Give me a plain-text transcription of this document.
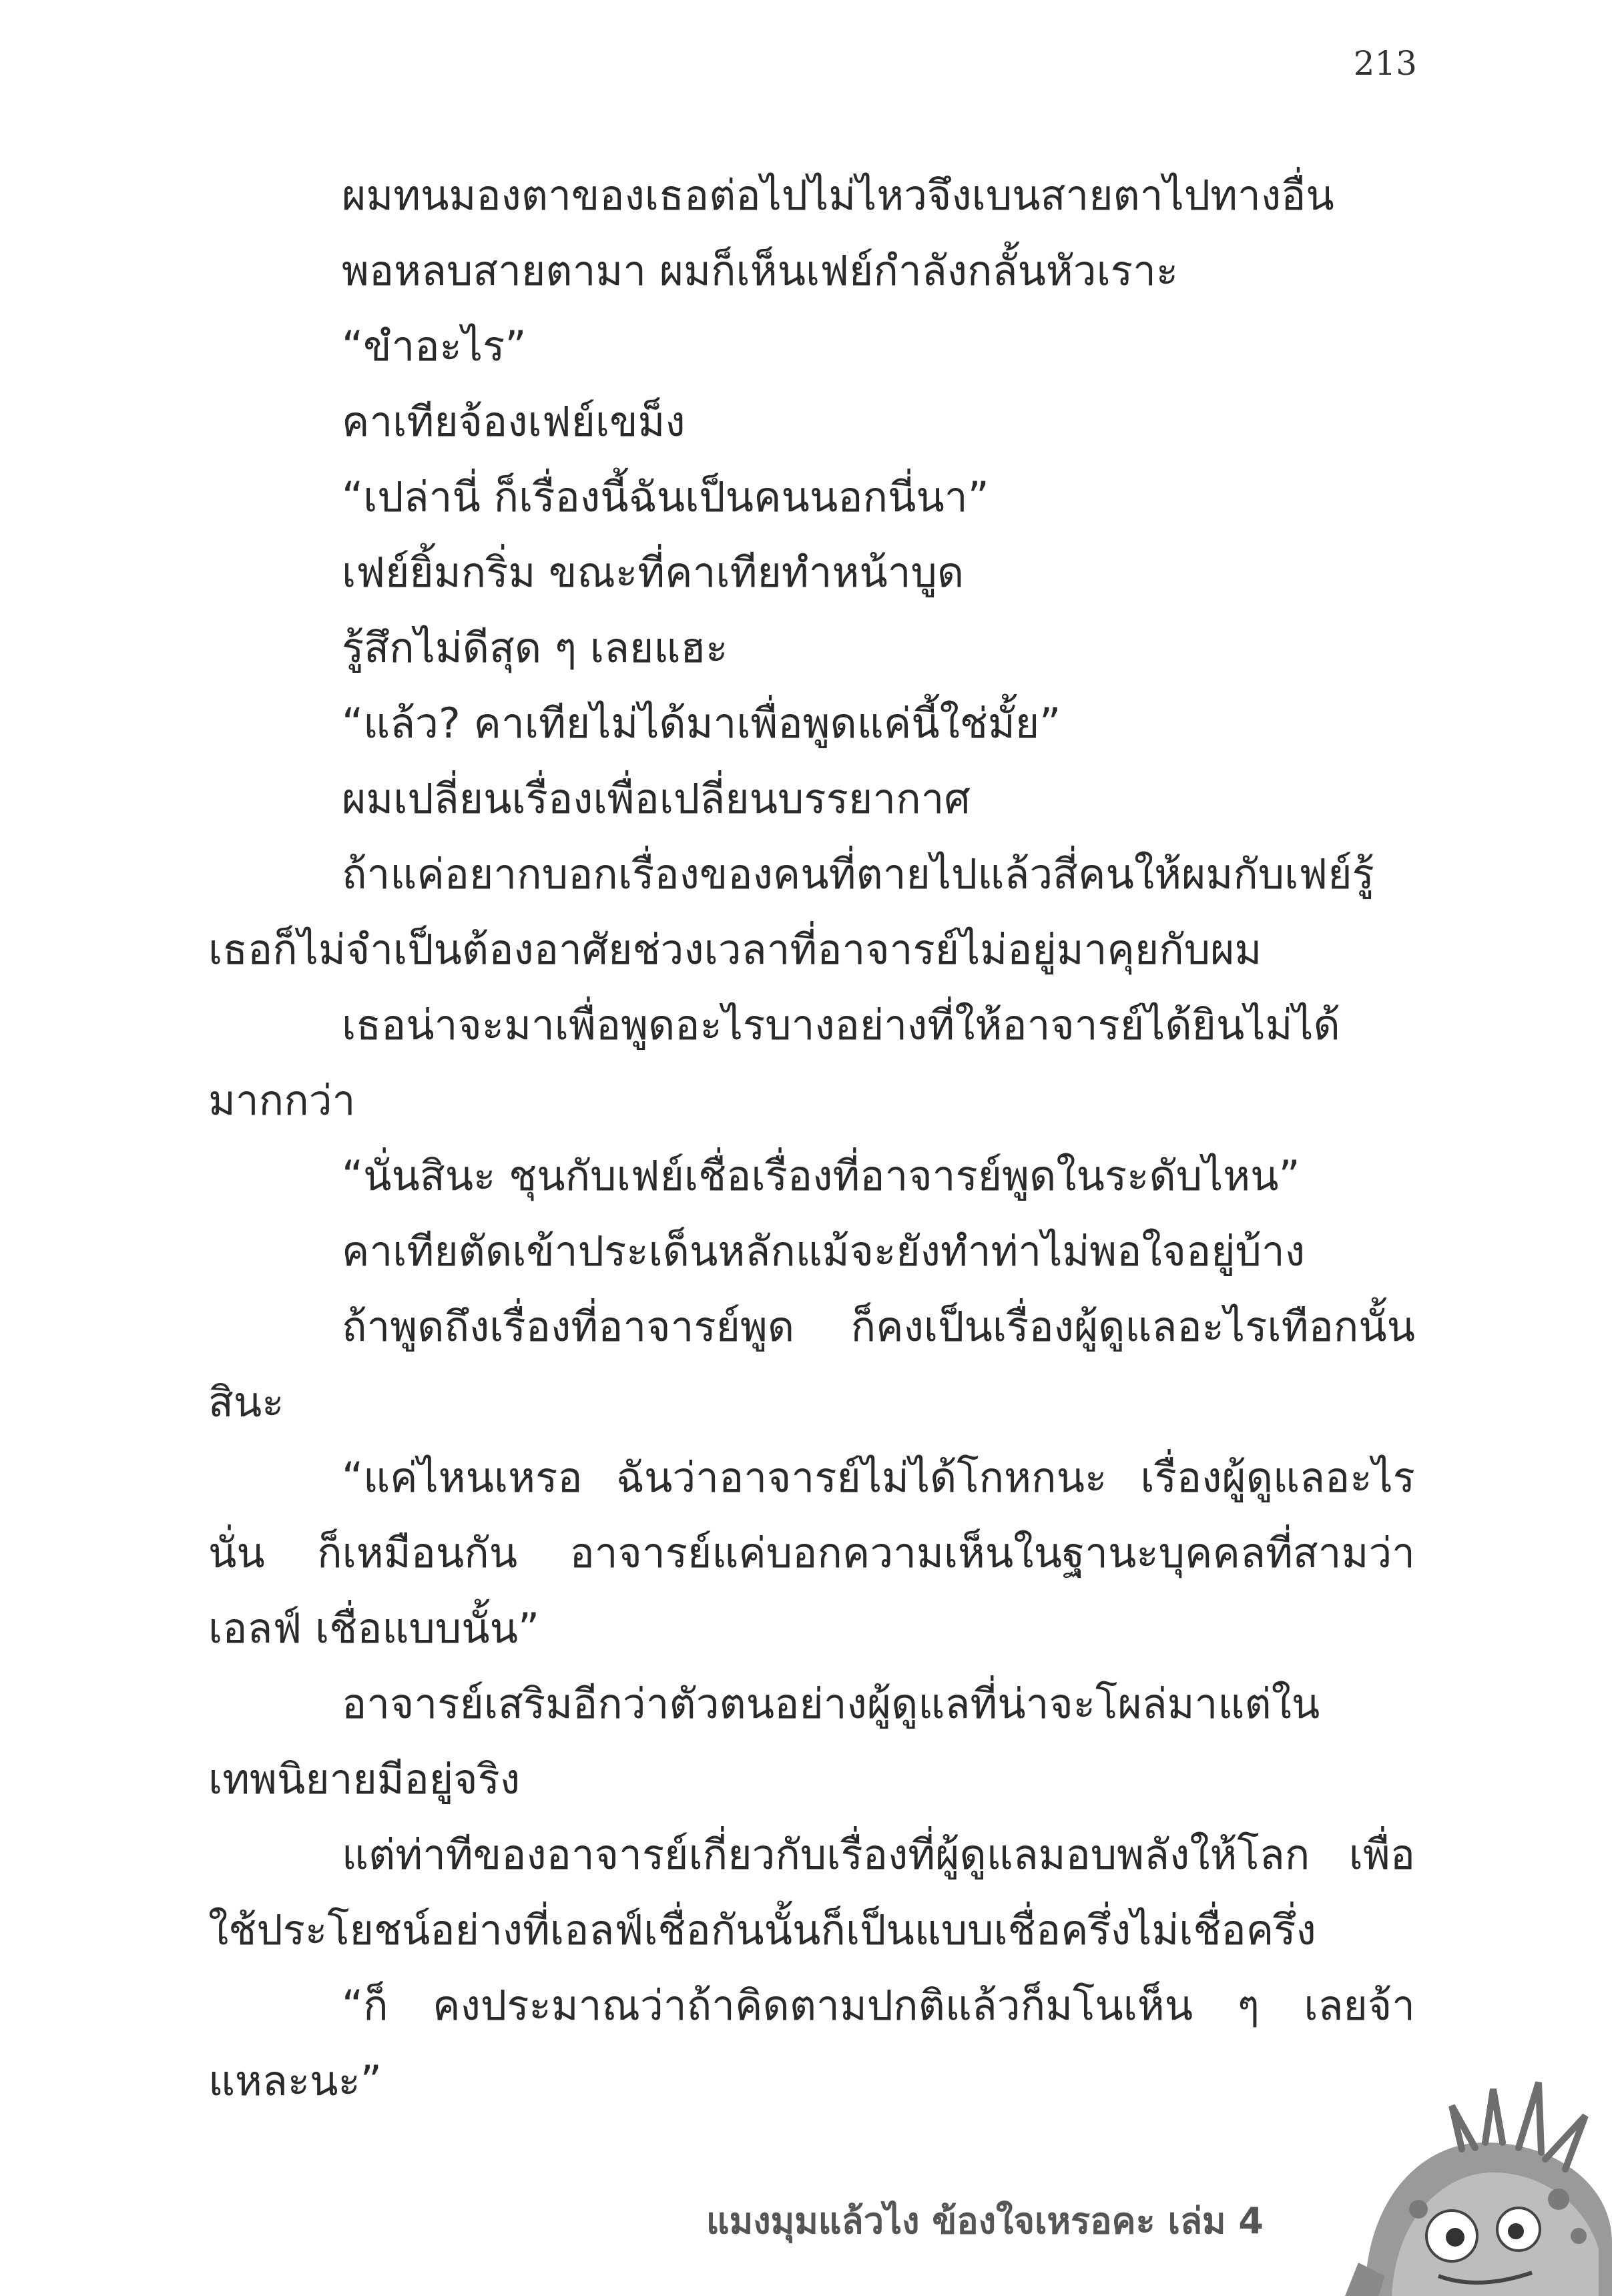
213

ผมทนมองตาของเธอต่อไปไม่ไหวจึงเบนสายตาไปทางอื่น

พอหลบสายตามา ผมก็เห็นเฟย์กำลังกลั้นหัวเราะ

“ขำอะไร”

คาเทียจ้องเฟย์เขม็ง

“เปล่านี่ ก็เรื่องนี้ฉันเป็นคนนอกนี่นา”

เฟย์ยิ้มกริ่ม ขณะที่คาเทียทำหน้าบูด

รู้สึกไม่ดีสุด ๆ เลยแฮะ

“แล้ว? คาเทียไม่ได้มาเพื่อพูดแค่นี้ใช่มั้ย”

ผมเปลี่ยนเรื่องเพื่อเปลี่ยนบรรยากาศ

ถ้าแค่อยากบอกเรื่องของคนที่ตายไปแล้วสี่คนให้ผมกับเฟย์รู้ เธอก็ไม่จำเป็นต้องอาศัยช่วงเวลาที่อาจารย์ไม่อยู่มาคุยกับผม

เธอน่าจะมาเพื่อพูดอะไรบางอย่างที่ให้อาจารย์ได้ยินไม่ได้ มากกว่า

“นั่นสินะ ชุนกับเฟย์เชื่อเรื่องที่อาจารย์พูดในระดับไหน”

คาเทียตัดเข้าประเด็นหลักแม้จะยังทำท่าไม่พอใจอยู่บ้าง

ถ้าพูดถึงเรื่องที่อาจารย์พูด ก็คงเป็นเรื่องผู้ดูแลอะไรเทือกนั้น สินะ

“แค่ไหนเหรอ ฉันว่าอาจารย์ไม่ได้โกหกนะ เรื่องผู้ดูแลอะไรนั่น ก็เหมือนกัน อาจารย์แค่บอกความเห็นในฐานะบุคคลที่สามว่าเอลฟ์ เชื่อแบบนั้น”

อาจารย์เสริมอีกว่าตัวตนอย่างผู้ดูแลที่น่าจะโผล่มาแต่ใน เทพนิยายมีอยู่จริง

แต่ท่าทีของอาจารย์เกี่ยวกับเรื่องที่ผู้ดูแลมอบพลังให้โลก เพื่อใช้ประโยชน์อย่างที่เอลฟ์เชื่อกันนั้นก็เป็นแบบเชื่อครึ่งไม่เชื่อครึ่ง

“ก็ คงประมาณว่าถ้าคิดตามปกติแล้วก็มโนเห็น ๆ เลยจ้า แหละนะ”

แมงมุมแล้วไง ข้องใจเหรอคะ เล่ม 4
